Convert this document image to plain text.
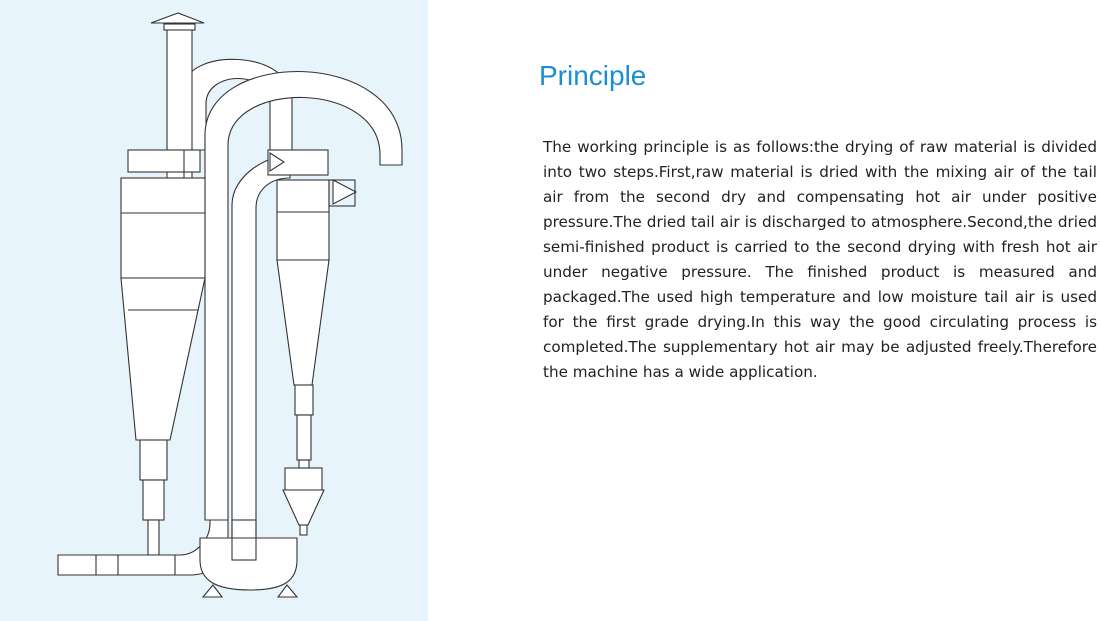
Principle

The working principle is as follows:the drying of raw material is divided into two steps.First,raw material is dried with the mixing air of the tail air from the second dry and compensating hot air under positive pressure.The dried tail air is discharged to atmosphere.Second,the dried semi-finished product is carried to the second drying with fresh hot air under negative pressure. The finished product is measured and packaged.The used high temperature and low moisture tail air is used for the first grade drying.In this way the good circulating process is completed.The supplementary hot air may be adjusted freely.Therefore the machine has a wide application.
